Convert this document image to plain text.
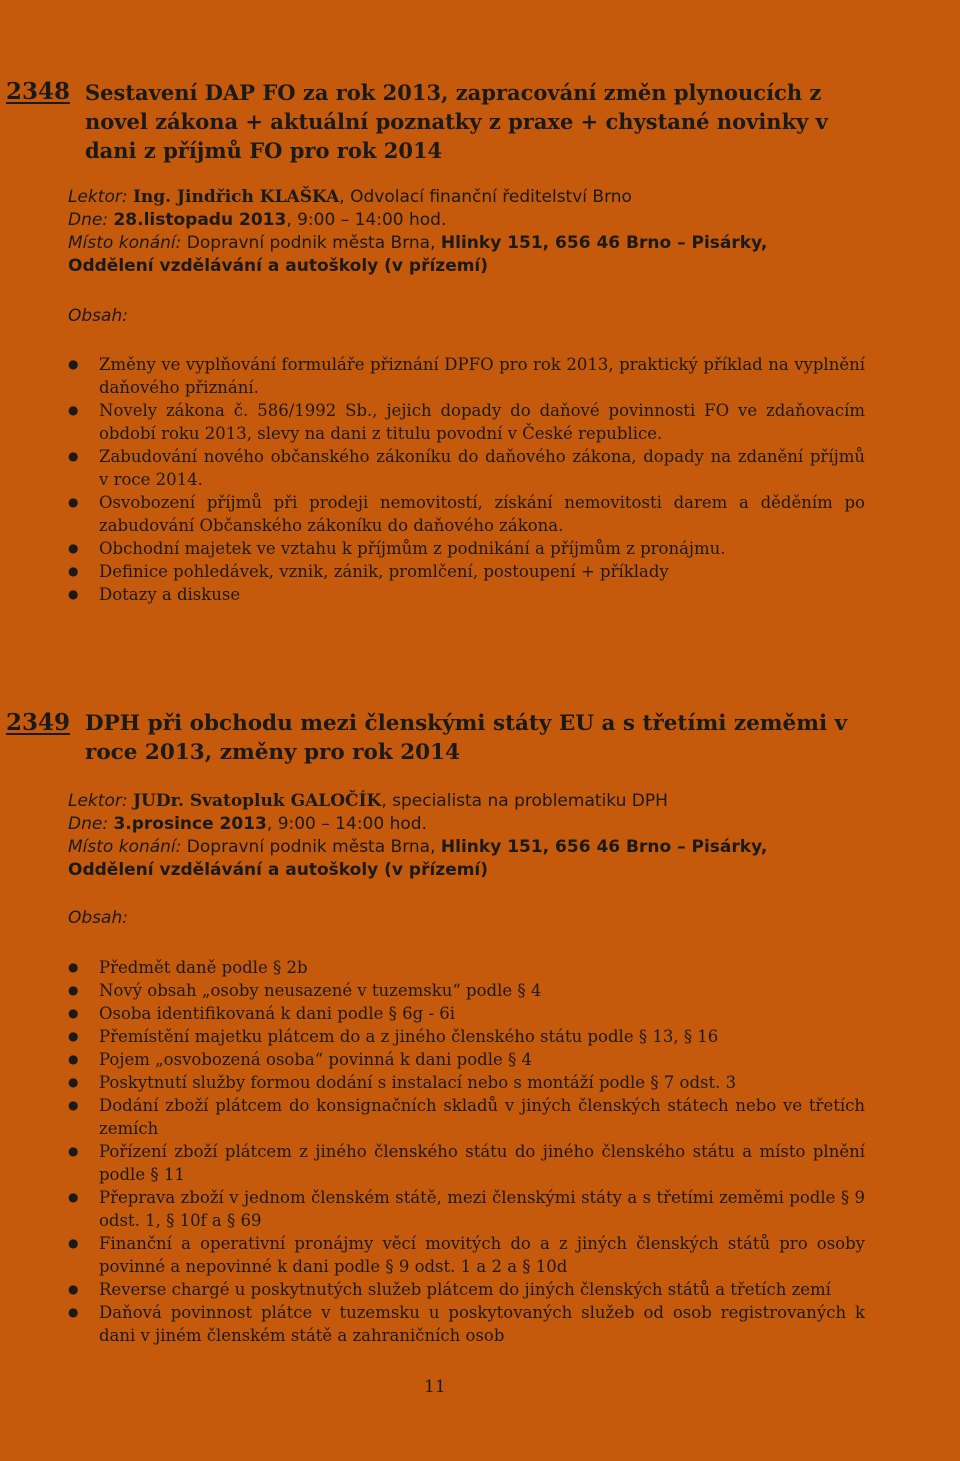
2348 Sestavení DAP FO za rok 2013, zapracování změn plynoucích z novel zákona + aktuální poznatky z praxe + chystané novinky v dani z příjmů FO pro rok 2014
Lektor: Ing. Jindřich KLAŠKA, Odvolací finanční ředitelství Brno
Dne: 28.listopadu 2013, 9:00 – 14:00 hod.
Místo konání: Dopravní podnik města Brna, Hlinky 151, 656 46 Brno – Pisárky,
Oddělení vzdělávání a autoškoly (v přízemí)
Obsah:
● Změny ve vyplňování formuláře přiznání DPFO pro rok 2013, praktický příklad na vyplnění daňového přiznání.
● Novely zákona č. 586/1992 Sb., jejich dopady do daňové povinnosti FO ve zdaňovacím období roku 2013, slevy na dani z titulu povodní v České republice.
● Zabudování nového občanského zákoníku do daňového zákona, dopady na zdanění příjmů v roce 2014.
● Osvobození příjmů při prodeji nemovitostí, získání nemovitosti darem a děděním po zabudování Občanského zákoníku do daňového zákona.
● Obchodní majetek ve vztahu k příjmům z podnikání a příjmům z pronájmu.
● Definice pohledávek, vznik, zánik, promlčení, postoupení + příklady
● Dotazy a diskuse
2349 DPH při obchodu mezi členskými státy EU a s třetími zeměmi v roce 2013, změny pro rok 2014
Lektor: JUDr. Svatopluk GALOČÍK, specialista na problematiku DPH
Dne: 3.prosince 2013, 9:00 – 14:00 hod.
Místo konání: Dopravní podnik města Brna, Hlinky 151, 656 46 Brno – Pisárky,
Oddělení vzdělávání a autoškoly (v přízemí)
Obsah:
● Předmět daně podle § 2b
● Nový obsah „osoby neusazené v tuzemsku“ podle § 4
● Osoba identifikovaná k dani podle § 6g - 6i
● Přemístění majetku plátcem do a z jiného členského státu podle § 13, § 16
● Pojem „osvobozená osoba“ povinná k dani podle § 4
● Poskytnutí služby formou dodání s instalací nebo s montáží podle § 7 odst. 3
● Dodání zboží plátcem do konsignačních skladů v jiných členských státech nebo ve třetích zemích
● Pořízení zboží plátcem z jiného členského státu do jiného členského státu a místo plnění podle § 11
● Přeprava zboží v jednom členském státě, mezi členskými státy a s třetími zeměmi podle § 9 odst. 1, § 10f a § 69
● Finanční a operativní pronájmy věcí movitých do a z jiných členských států pro osoby povinné a nepovinné k dani podle § 9 odst. 1 a 2 a § 10d
● Reverse chargé u poskytnutých služeb plátcem do jiných členských států a třetích zemí
● Daňová povinnost plátce v tuzemsku u poskytovaných služeb od osob registrovaných k dani v jiném členském státě a zahraničních osob
11
